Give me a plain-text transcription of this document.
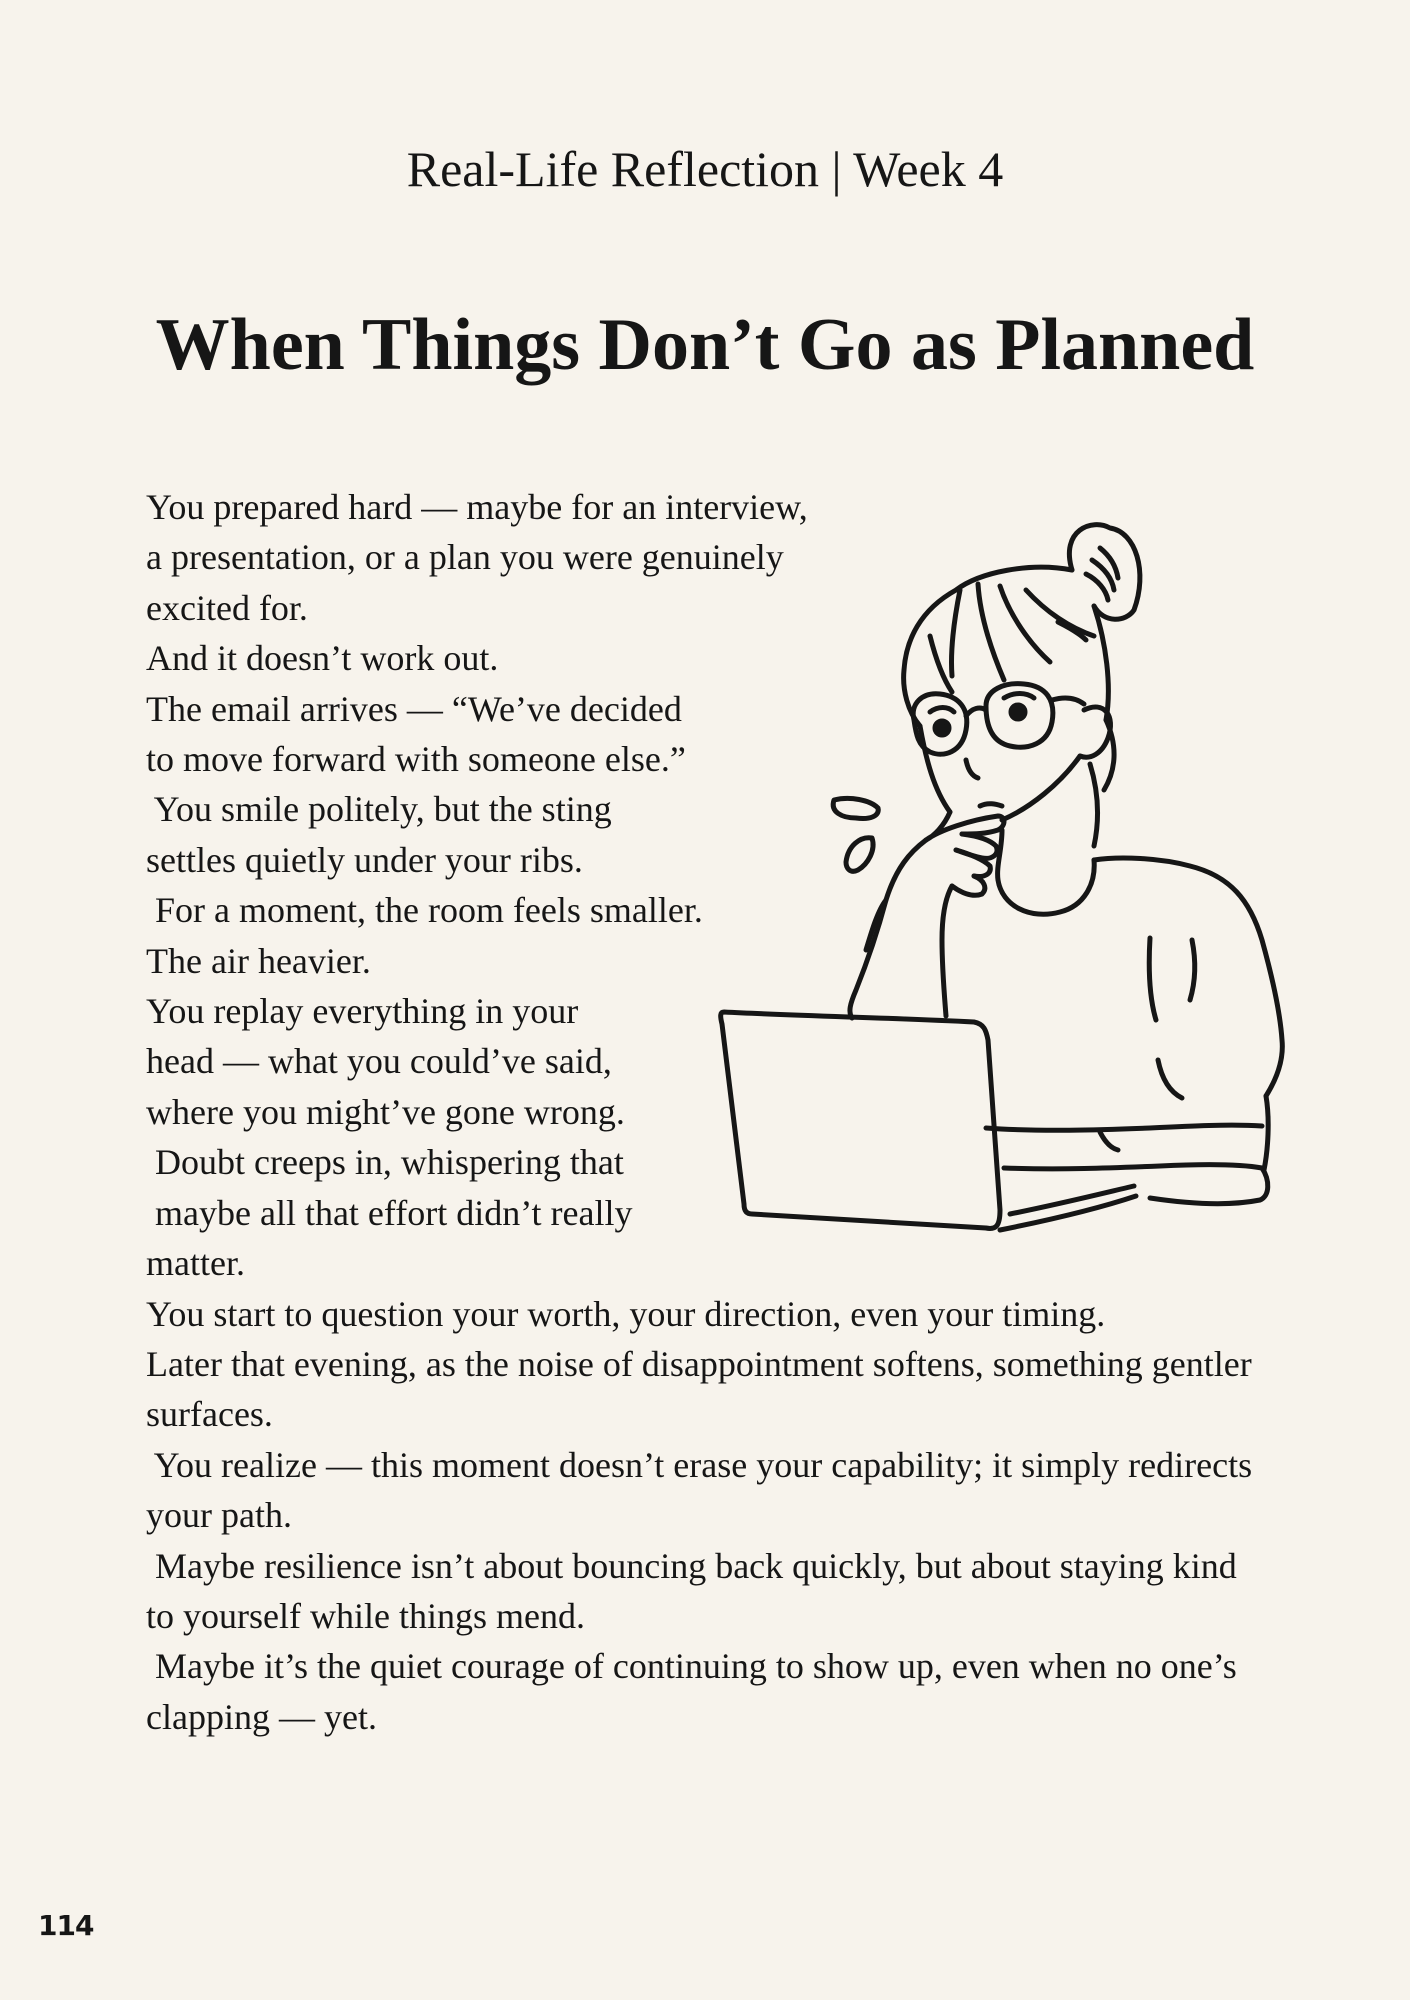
Real-Life Reflection | Week 4
When Things Don’t Go as Planned
You prepared hard — maybe for an interview,
a presentation, or a plan you were genuinely
excited for.
And it doesn’t work out.
The email arrives — “We’ve decided
to move forward with someone else.”
You smile politely, but the sting
settles quietly under your ribs.
For a moment, the room feels smaller.
The air heavier.
You replay everything in your
head — what you could’ve said,
where you might’ve gone wrong.
Doubt creeps in, whispering that
maybe all that effort didn’t really
matter.
You start to question your worth, your direction, even your timing.
Later that evening, as the noise of disappointment softens, something gentler
surfaces.
You realize — this moment doesn’t erase your capability; it simply redirects
your path.
Maybe resilience isn’t about bouncing back quickly, but about staying kind
to yourself while things mend.
Maybe it’s the quiet courage of continuing to show up, even when no one’s
clapping — yet.
114
